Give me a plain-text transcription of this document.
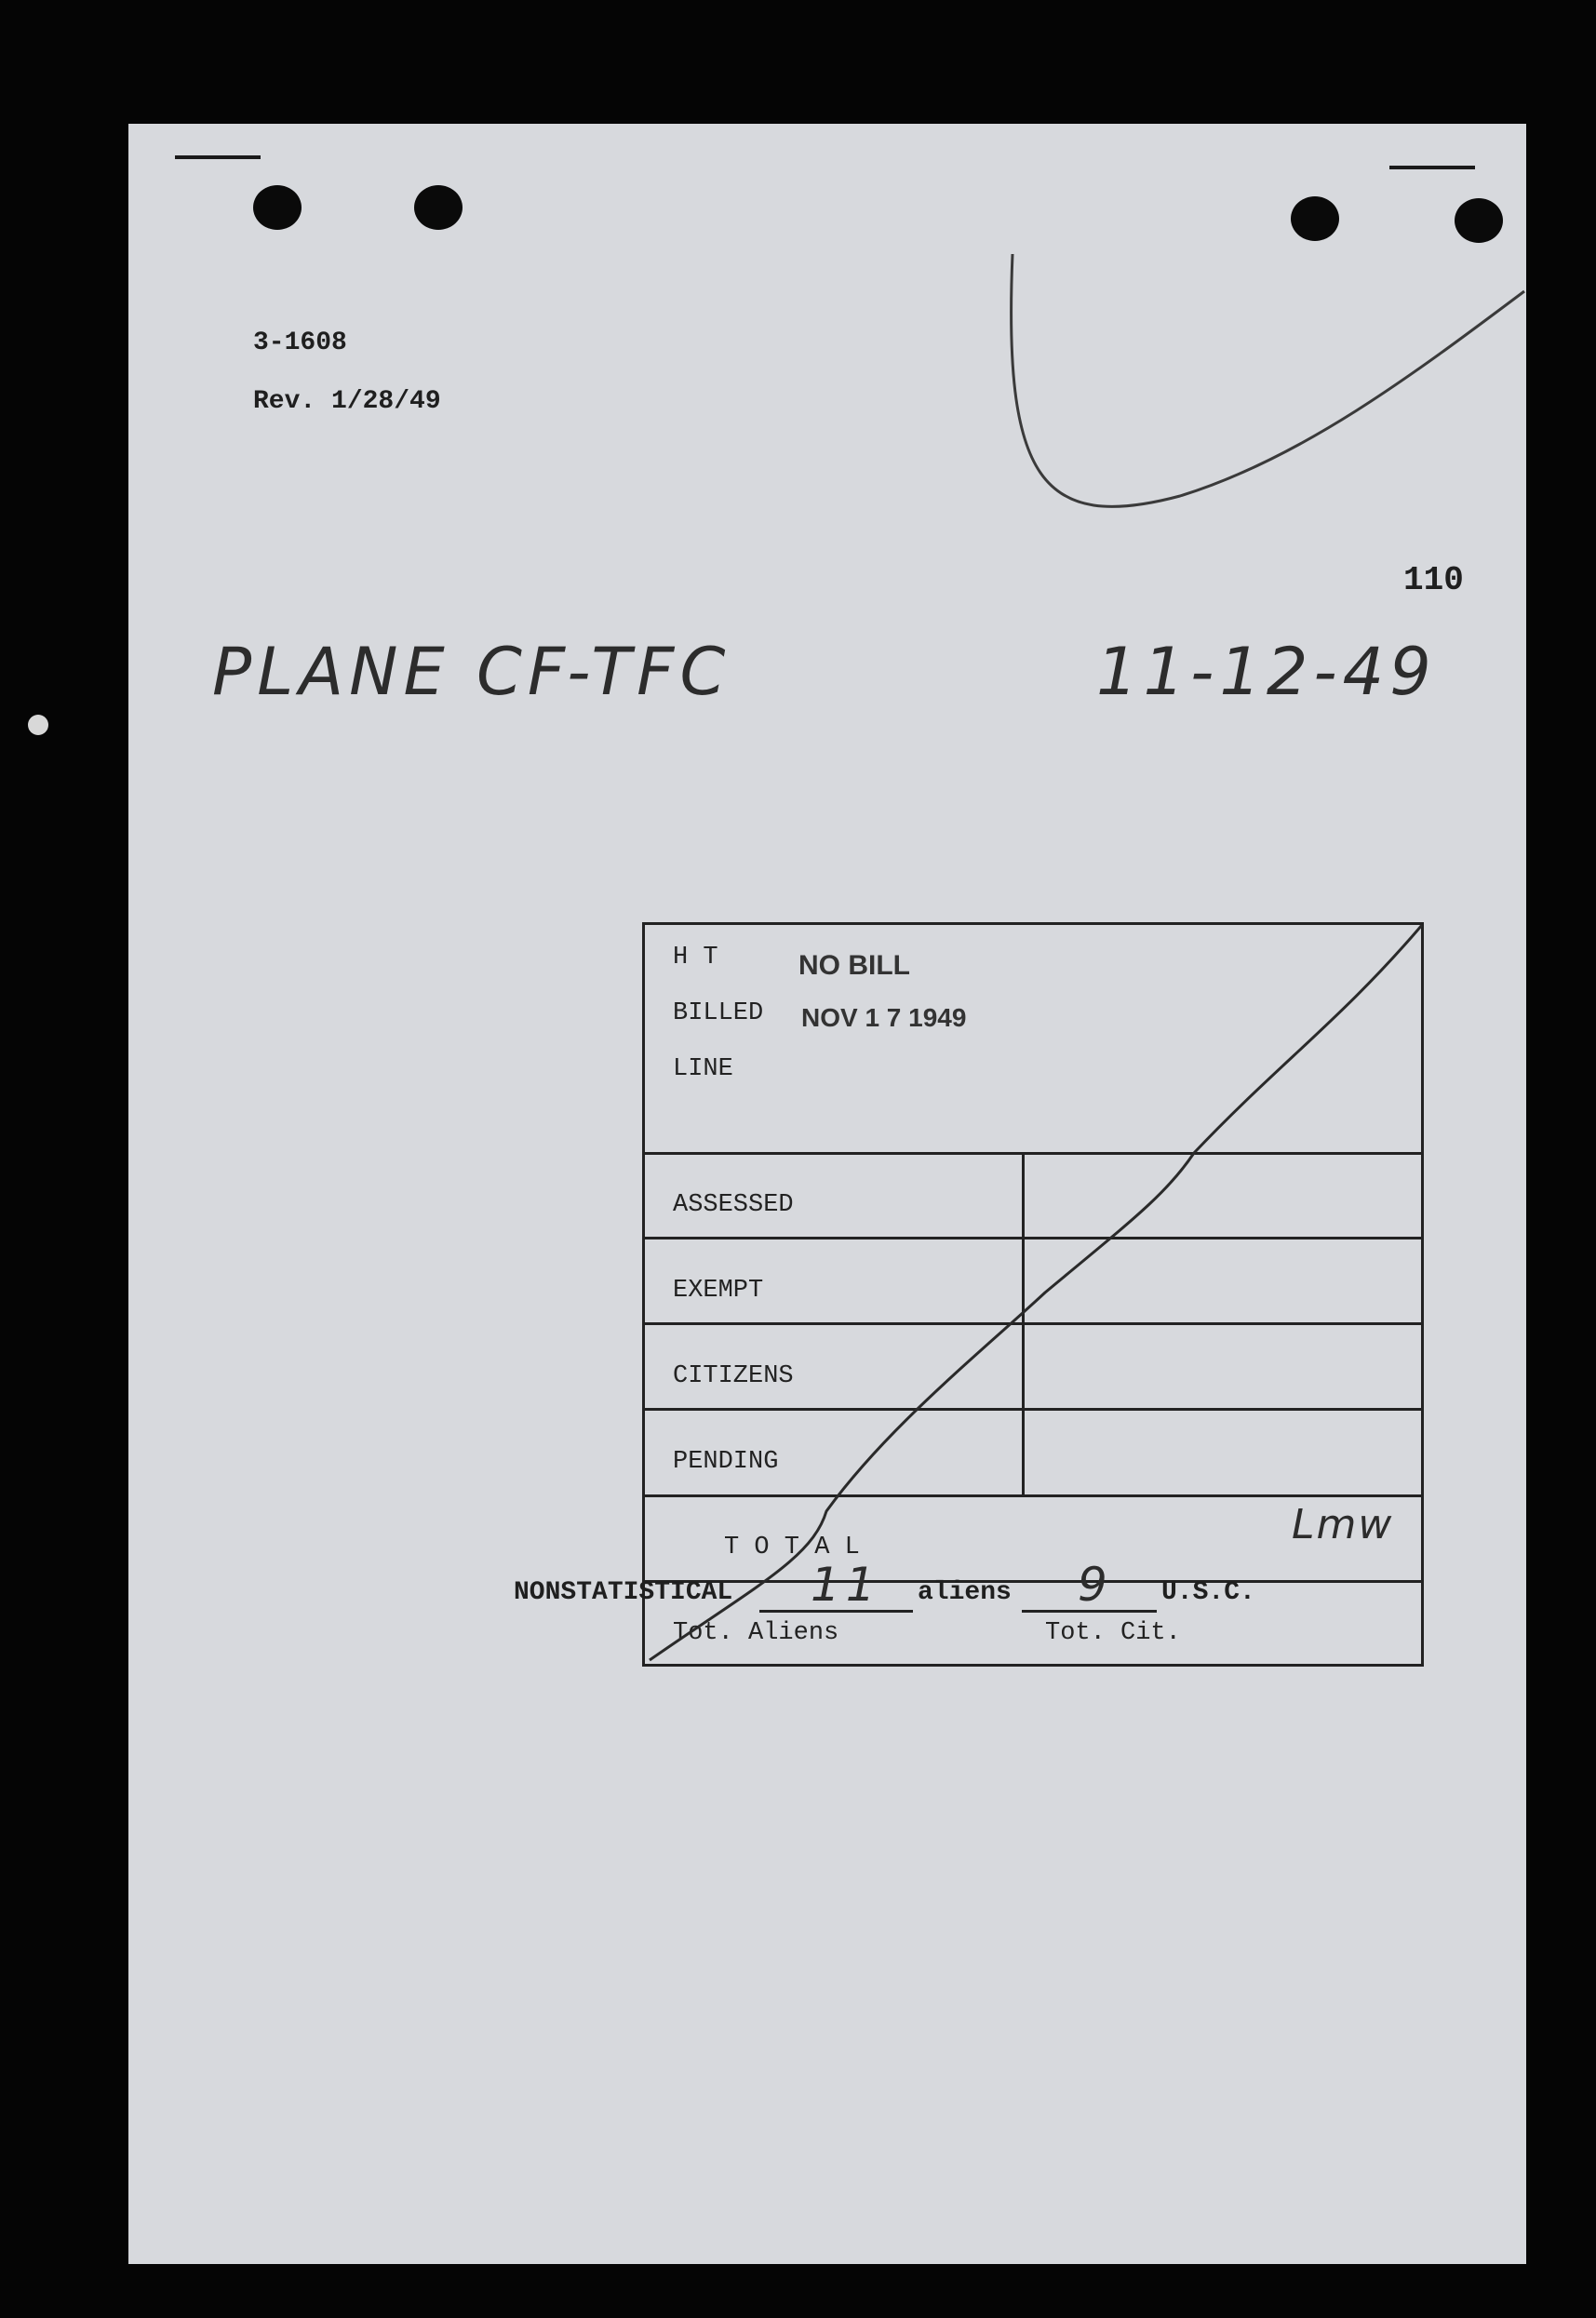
3-1608
Rev. 1/28/49
110
PLANE CF-TFC	11-12-49
H T
BILLED
LINE
NO BILL
NOV 1 7 1949
ASSESSED
EXEMPT
CITIZENS
PENDING
T O T A L
Tot. Aliens	Tot. Cit.
Lmw
NONSTATISTICAL 11 aliens 9 U.S.C.
